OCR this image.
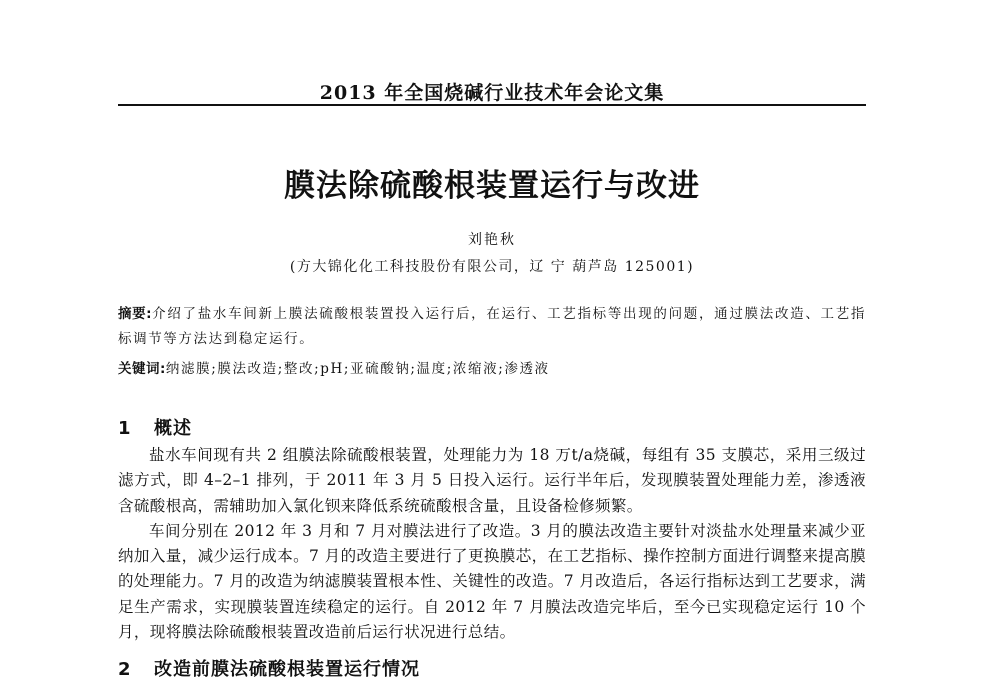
2013 年全国烧碱行业技术年会论文集
膜法除硫酸根装置运行与改进
刘艳秋
(方大锦化化工科技股份有限公司，辽 宁 葫芦岛 125001)
摘要:介绍了盐水车间新上膜法硫酸根装置投入运行后，在运行、工艺指标等出现的问题，通过膜法改造、工艺指标调节等方法达到稳定运行。
关键词:纳滤膜;膜法改造;整改;pH;亚硫酸钠;温度;浓缩液;渗透液
1 概述

盐水车间现有共 2 组膜法除硫酸根装置，处理能力为 18 万t/a烧碱，每组有 35 支膜芯，采用三级过滤方式，即 4–2–1 排列，于 2011 年 3 月 5 日投入运行。运行半年后，发现膜装置处理能力差，渗透液含硫酸根高，需辅助加入氯化钡来降低系统硫酸根含量，且设备检修频繁。

车间分别在 2012 年 3 月和 7 月对膜法进行了改造。3 月的膜法改造主要针对淡盐水处理量来减少亚纳加入量，减少运行成本。7 月的改造主要进行了更换膜芯，在工艺指标、操作控制方面进行调整来提高膜的处理能力。7 月的改造为纳滤膜装置根本性、关键性的改造。7 月改造后，各运行指标达到工艺要求，满足生产需求，实现膜装置连续稳定的运行。自 2012 年 7 月膜法改造完毕后，至今已实现稳定运行 10 个月，现将膜法除硫酸根装置改造前后运行状况进行总结。

2 改造前膜法硫酸根装置运行情况
